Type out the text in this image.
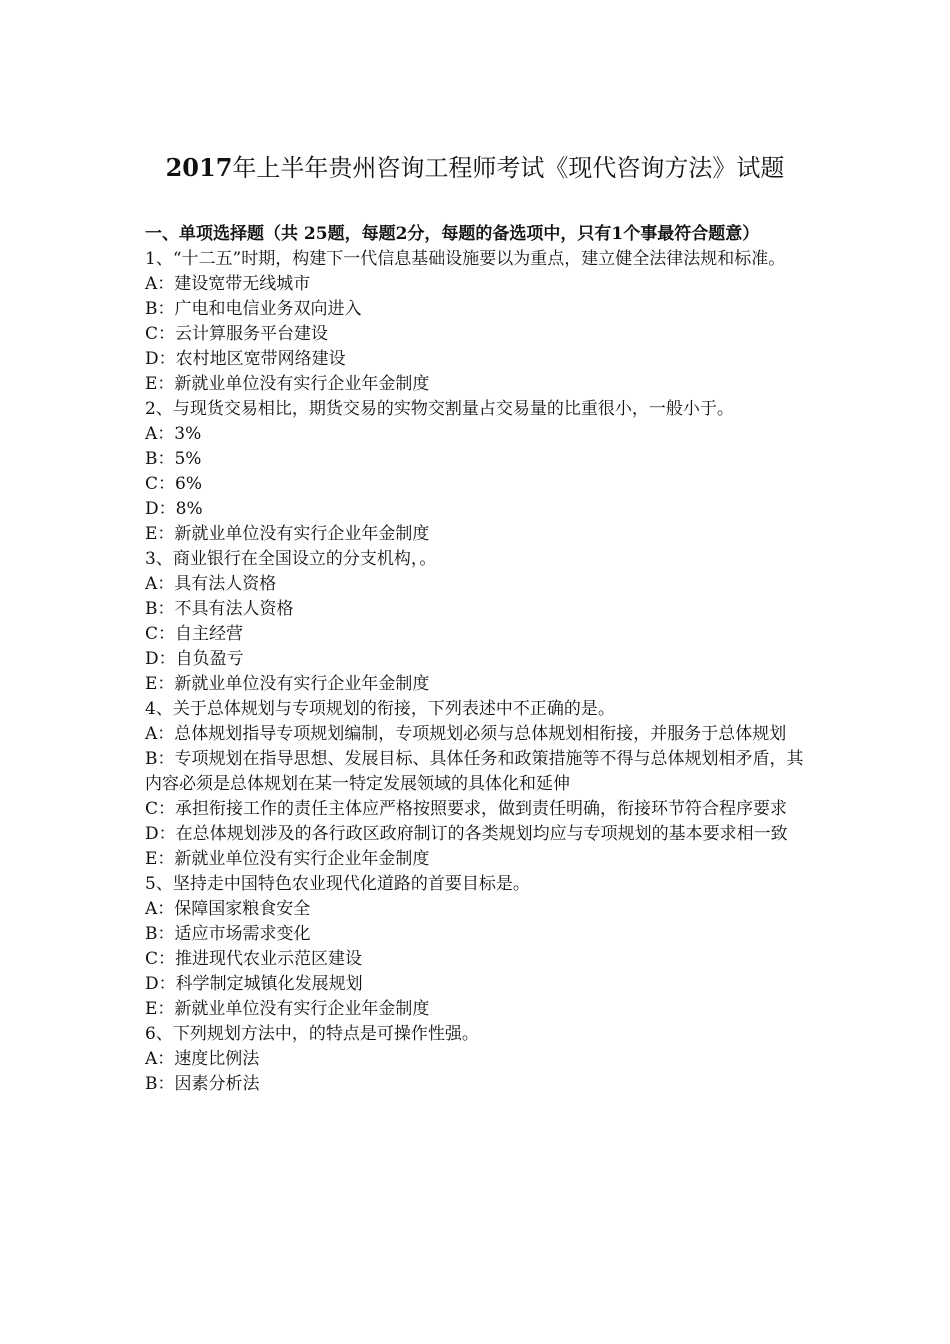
2017年上半年贵州咨询工程师考试《现代咨询方法》试题

一、单项选择题（共 25题，每题2分，每题的备选项中，只有1个事最符合题意）

1、“十二五”时期，构建下一代信息基础设施要以为重点，建立健全法律法规和标准。

A：建设宽带无线城市

B：广电和电信业务双向进入

C：云计算服务平台建设

D：农村地区宽带网络建设

E：新就业单位没有实行企业年金制度

2、与现货交易相比，期货交易的实物交割量占交易量的比重很小，一般小于。

A：3%

B：5%

C：6%

D：8%

E：新就业单位没有实行企业年金制度

3、商业银行在全国设立的分支机构，。

A：具有法人资格

B：不具有法人资格

C：自主经营

D：自负盈亏

E：新就业单位没有实行企业年金制度

4、关于总体规划与专项规划的衔接，下列表述中不正确的是。

A：总体规划指导专项规划编制，专项规划必须与总体规划相衔接，并服务于总体规划

B：专项规划在指导思想、发展目标、具体任务和政策措施等不得与总体规划相矛盾，其内容必须是总体规划在某一特定发展领域的具体化和延伸

C：承担衔接工作的责任主体应严格按照要求，做到责任明确，衔接环节符合程序要求

D：在总体规划涉及的各行政区政府制订的各类规划均应与专项规划的基本要求相一致

E：新就业单位没有实行企业年金制度

5、坚持走中国特色农业现代化道路的首要目标是。

A：保障国家粮食安全

B：适应市场需求变化

C：推进现代农业示范区建设

D：科学制定城镇化发展规划

E：新就业单位没有实行企业年金制度

6、下列规划方法中，的特点是可操作性强。

A：速度比例法

B：因素分析法
